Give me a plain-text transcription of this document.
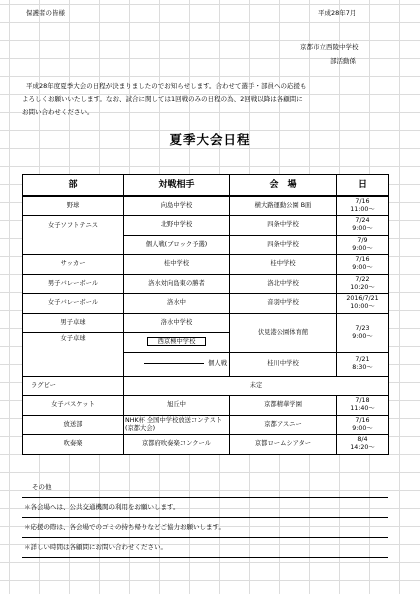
保護者の皆様	平成28年7月
京都市立西陵中学校
部活動係

平成28年度夏季大会の日程が決まりましたのでお知らせします。合わせて選手・部員への応援も

よろしくお願いいたします。なお、試合に関しては1回戦のみの日程の為、2回戦以降は各顧問に

お問い合わせください。

夏季大会日程
部	対戦相手	会　場	日
野球	向島中学校	横大路運動公園 B面	7/16
11:00～
女子ソフトテニス	北野中学校	四条中学校	7/24
9:00～
	個人戦(ブロック予選)	四条中学校	7/9
9:00～
サッカー	桂中学校	桂中学校	7/16
9:00～
男子バレーボール	洛水対向島東の勝者	洛北中学校	7/22
10:20～
女子バレーボール	洛水中	音羽中学校	2016/7/21
10:00～
男子卓球	洛水中学校	伏見港公園体育館	7/23
9:00～
女子卓球	西京極中学校		
	個人戦	桂川中学校	7/21
8:30～
ラグビー	未定		
女子バスケット	旭丘中	京都精華学園	7/18
11:40～
放送部	NHK杯 全国中学校放送コンテスト(京都大会)	京都アスニー	7/16
9:00～
吹奏楽	京都府吹奏楽コンクール	京都ロームシアター	8/4
14:20～
その他
＊各会場へは、公共交通機関の利用をお願いします。
＊応援の際は、各会場でのゴミの持ち帰りなどご協力お願いします。
＊詳しい時間は各顧問にお問い合わせください。
